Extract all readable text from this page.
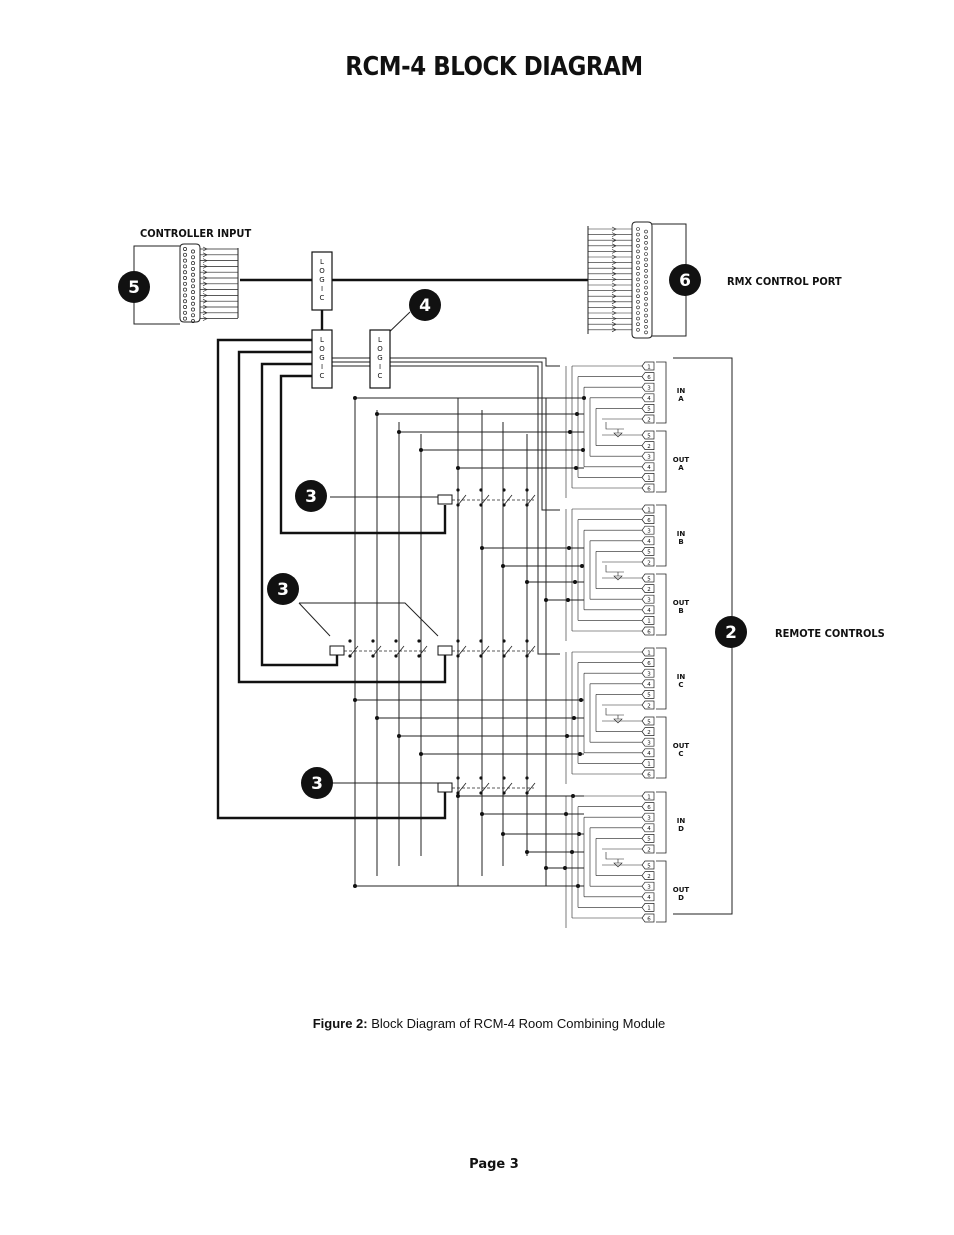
RCM-4 BLOCK DIAGRAM
L
O
G
I
C
L
O
G
I
C
L
O
G
I
C
1
6
3
4
5
2
5
2
3
4
1
6
IN
A
OUT
A
1
6
3
4
5
2
5
2
3
4
1
6
IN
B
OUT
B
1
6
3
4
5
2
5
2
3
4
1
6
IN
C
OUT
C
1
6
3
4
5
2
5
2
3
4
1
6
IN
D
OUT
D
5
4
6
3
3
3
2
CONTROLLER INPUT
RMX CONTROL PORT
REMOTE CONTROLS
Figure 2: Block Diagram of RCM-4 Room Combining Module
Page 3
